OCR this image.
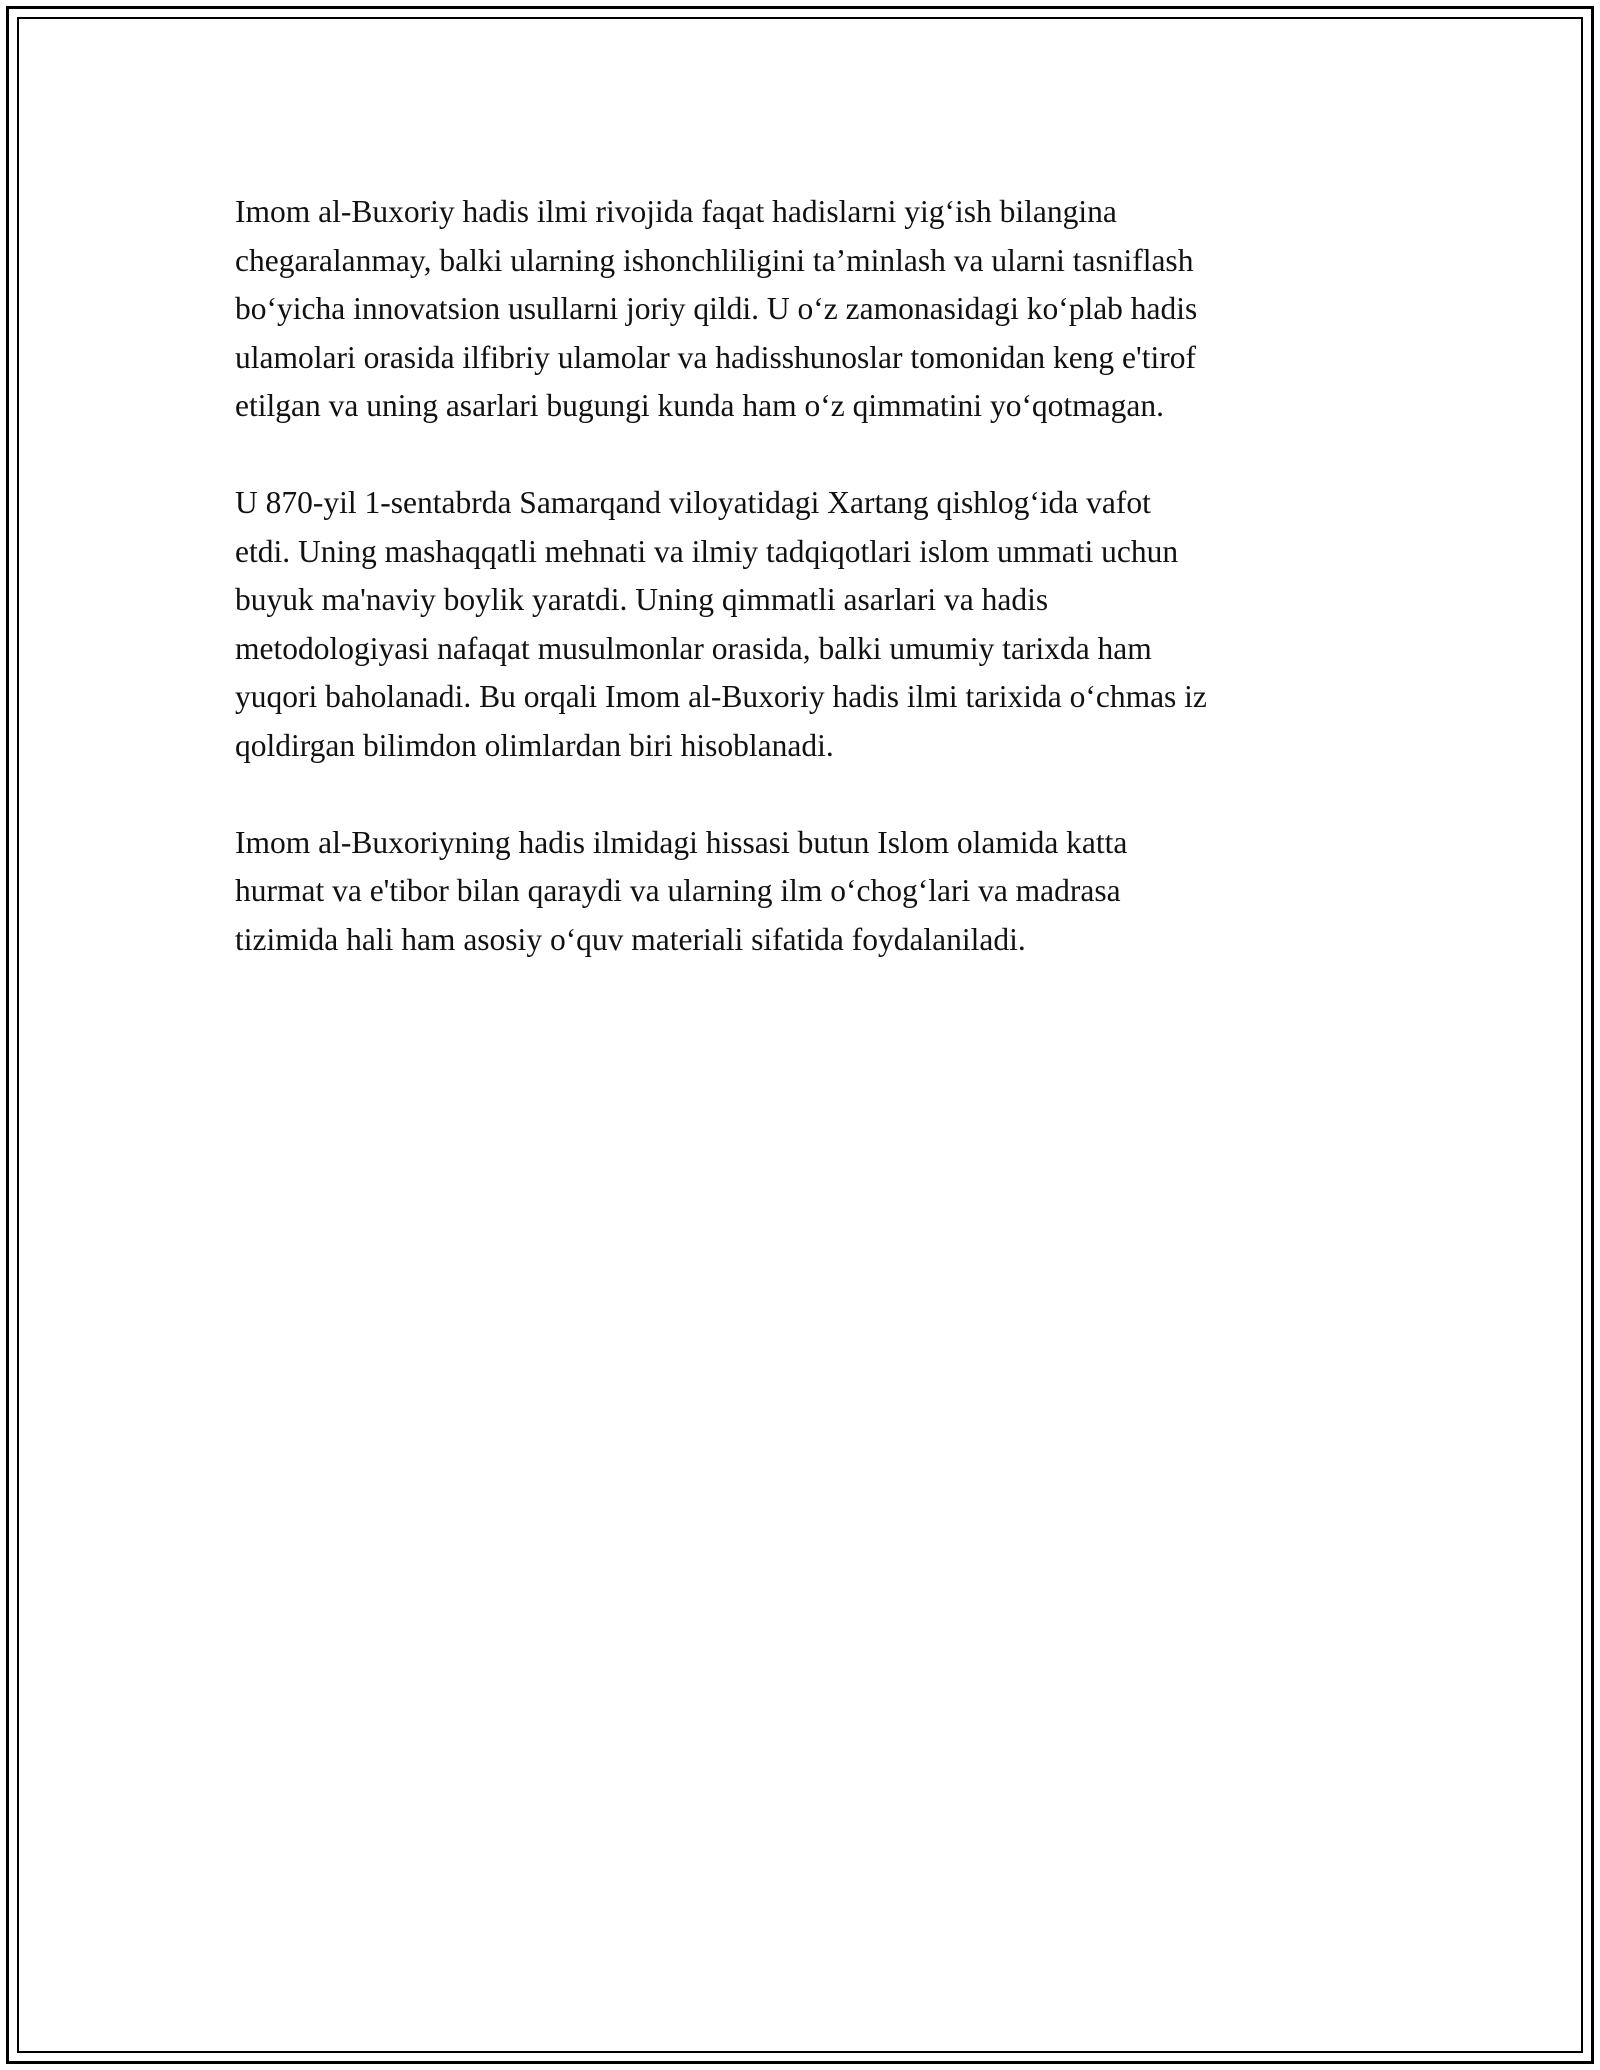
Imom al-Buxoriy hadis ilmi rivojida faqat hadislarni yig‘ish bilangina
chegaralanmay, balki ularning ishonchliligini ta’minlash va ularni tasniflash
bo‘yicha innovatsion usullarni joriy qildi. U o‘z zamonasidagi ko‘plab hadis
ulamolari orasida ilfibriy ulamolar va hadisshunoslar tomonidan keng e'tirof
etilgan va uning asarlari bugungi kunda ham o‘z qimmatini yo‘qotmagan.

U 870-yil 1-sentabrda Samarqand viloyatidagi Xartang qishlog‘ida vafot
etdi. Uning mashaqqatli mehnati va ilmiy tadqiqotlari islom ummati uchun
buyuk ma'naviy boylik yaratdi. Uning qimmatli asarlari va hadis
metodologiyasi nafaqat musulmonlar orasida, balki umumiy tarixda ham
yuqori baholanadi. Bu orqali Imom al-Buxoriy hadis ilmi tarixida o‘chmas iz
qoldirgan bilimdon olimlardan biri hisoblanadi.

Imom al-Buxoriyning hadis ilmidagi hissasi butun Islom olamida katta
hurmat va e'tibor bilan qaraydi va ularning ilm o‘chog‘lari va madrasa
tizimida hali ham asosiy o‘quv materiali sifatida foydalaniladi.
